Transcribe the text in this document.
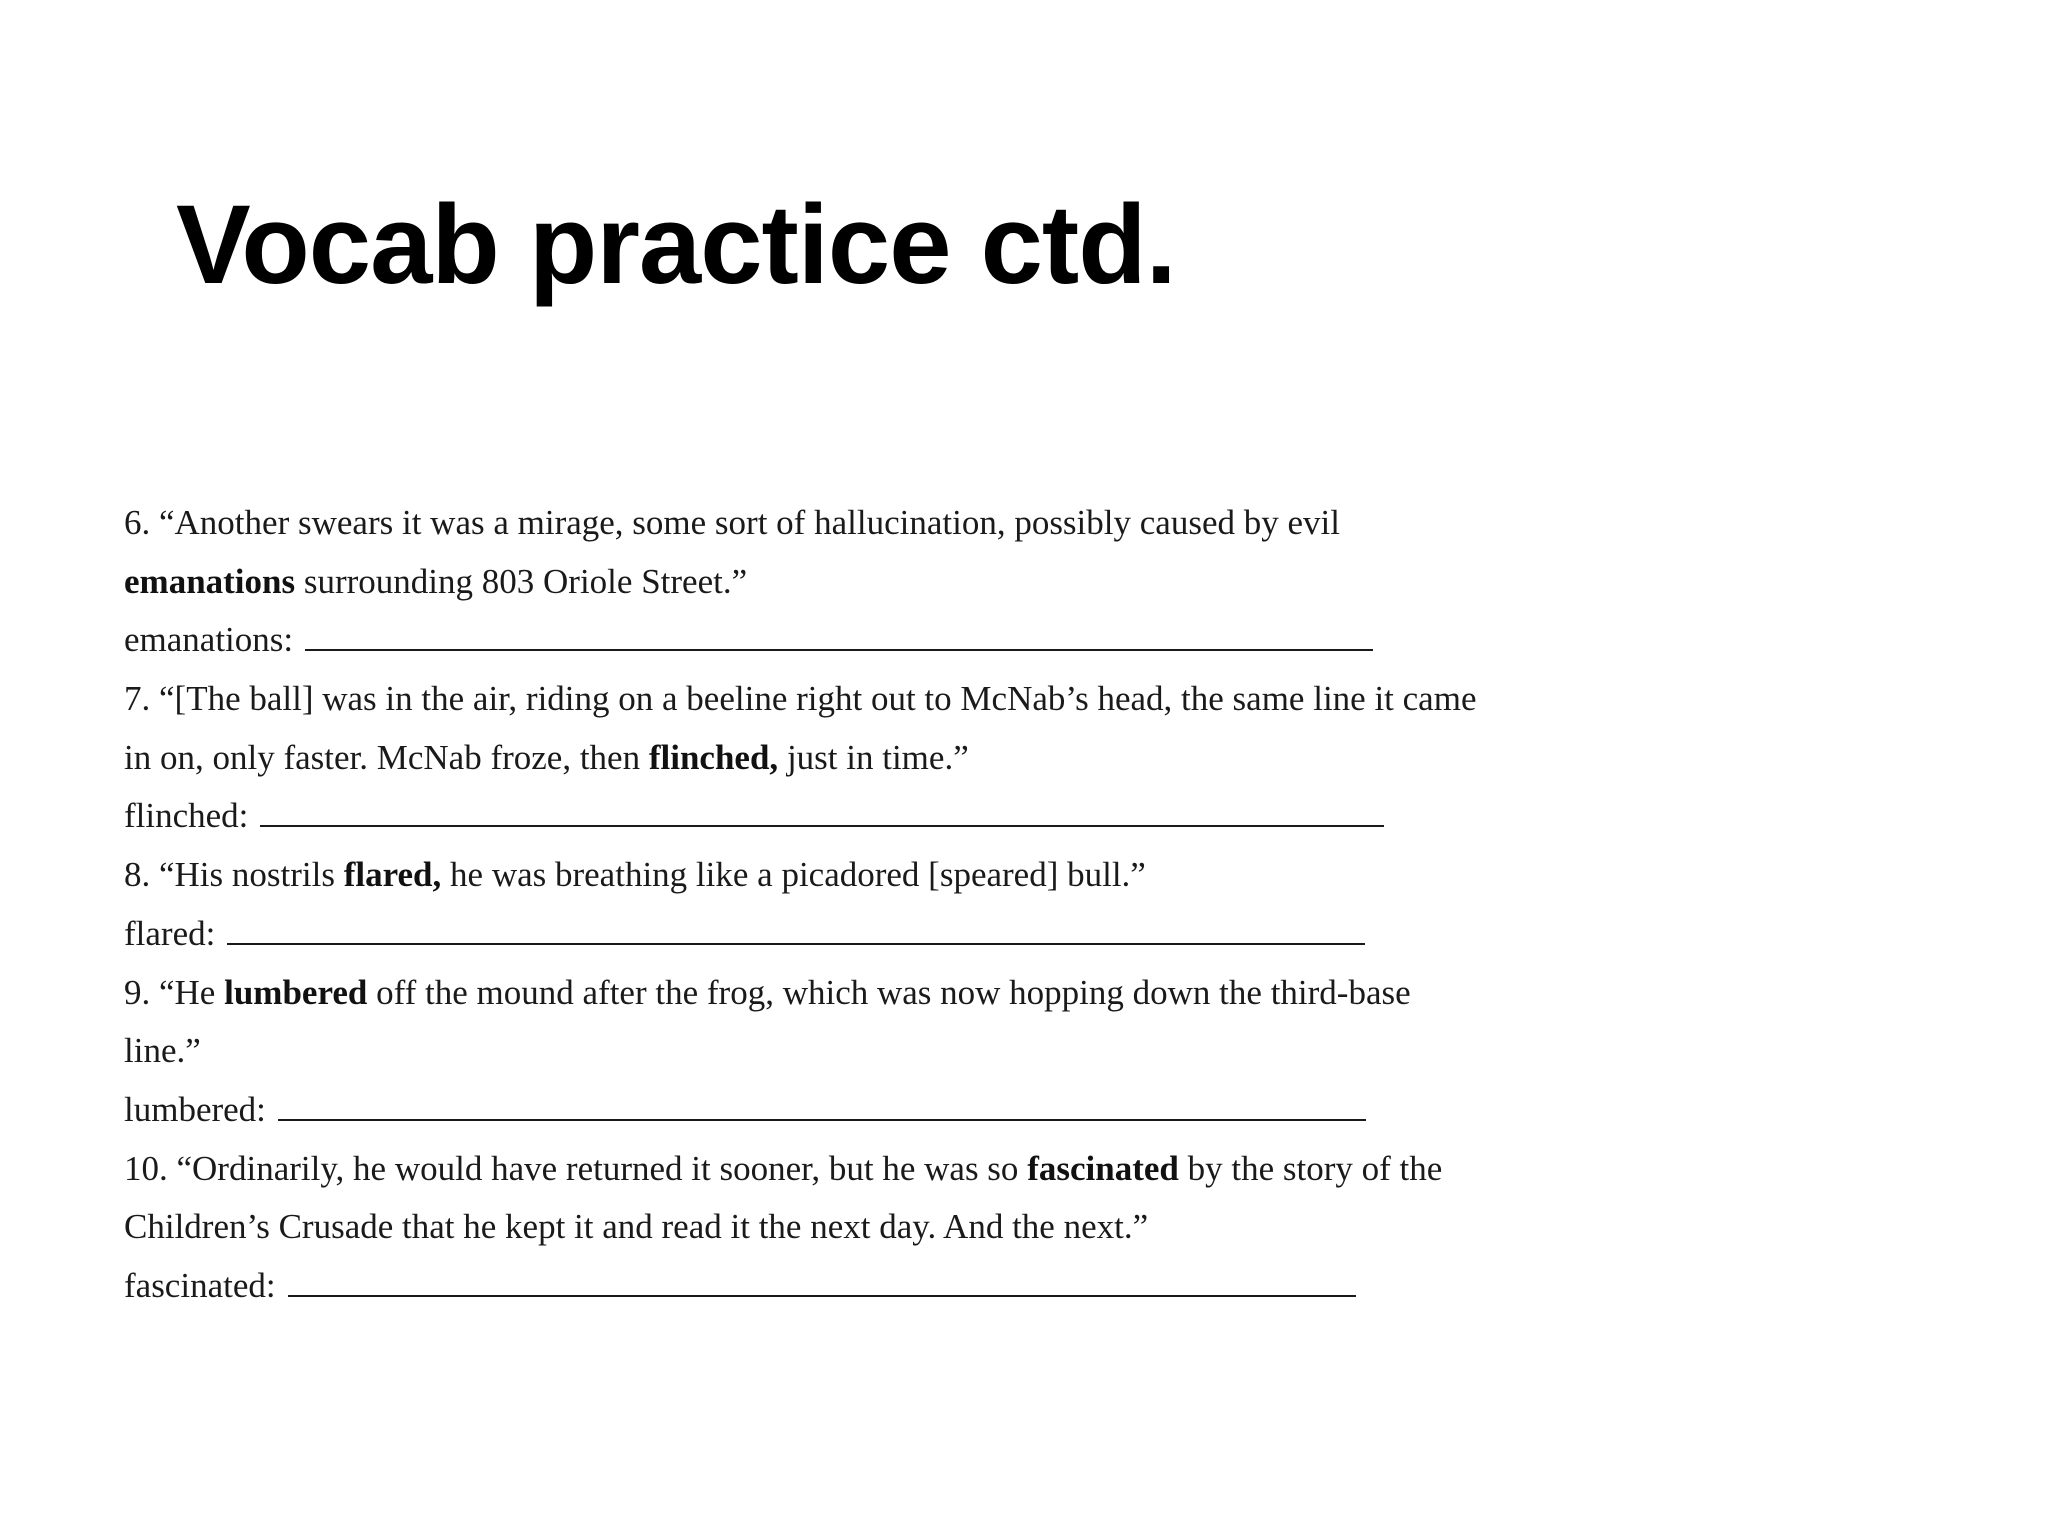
Vocab practice ctd.
6. “Another swears it was a mirage, some sort of hallucination, possibly caused by evil
emanations surrounding 803 Oriole Street.”
emanations:
7. “[The ball] was in the air, riding on a beeline right out to McNab’s head, the same line it came
in on, only faster. McNab froze, then flinched, just in time.”
flinched:
8. “His nostrils flared, he was breathing like a picadored [speared] bull.”
flared:
9. “He lumbered off the mound after the frog, which was now hopping down the third-base
line.”
lumbered:
10. “Ordinarily, he would have returned it sooner, but he was so fascinated by the story of the
Children’s Crusade that he kept it and read it the next day. And the next.”
fascinated:
